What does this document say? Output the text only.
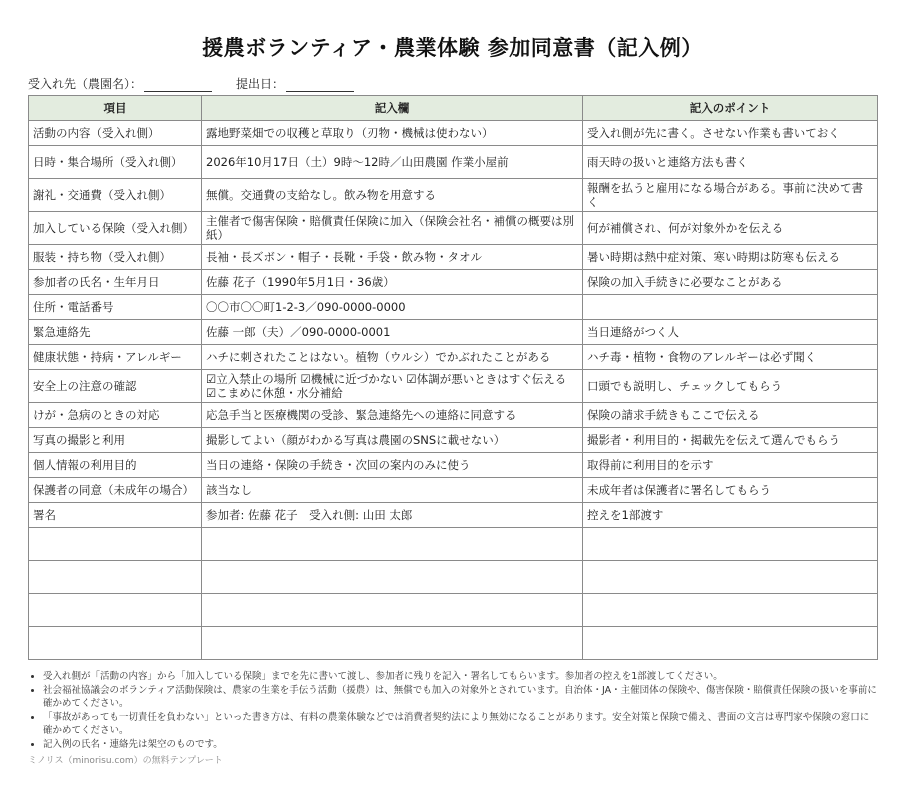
援農ボランティア・農業体験 参加同意書（記入例）
受入れ先（農園名）：	提出日：
項目	記入欄	記入のポイント
活動の内容（受入れ側）	露地野菜畑での収穫と草取り（刃物・機械は使わない）	受入れ側が先に書く。させない作業も書いておく
日時・集合場所（受入れ側）	2026年10月17日（土）9時〜12時／山田農園 作業小屋前	雨天時の扱いと連絡方法も書く
謝礼・交通費（受入れ側）	無償。交通費の支給なし。飲み物を用意する	報酬を払うと雇用になる場合がある。事前に決めて書く
加入している保険（受入れ側）	主催者で傷害保険・賠償責任保険に加入（保険会社名・補償の概要は別紙）	何が補償され、何が対象外かを伝える
服装・持ち物（受入れ側）	長袖・長ズボン・帽子・長靴・手袋・飲み物・タオル	暑い時期は熱中症対策、寒い時期は防寒も伝える
参加者の氏名・生年月日	佐藤 花子（1990年5月1日・36歳）	保険の加入手続きに必要なことがある
住所・電話番号	〇〇市〇〇町1-2-3／090-0000-0000	
緊急連絡先	佐藤 一郎（夫）／090-0000-0001	当日連絡がつく人
健康状態・持病・アレルギー	ハチに刺されたことはない。植物（ウルシ）でかぶれたことがある	ハチ毒・植物・食物のアレルギーは必ず聞く
安全上の注意の確認	☑立入禁止の場所 ☑機械に近づかない ☑体調が悪いときはすぐ伝える ☑こまめに休憩・水分補給	口頭でも説明し、チェックしてもらう
けが・急病のときの対応	応急手当と医療機関の受診、緊急連絡先への連絡に同意する	保険の請求手続きもここで伝える
写真の撮影と利用	撮影してよい（顔がわかる写真は農園のSNSに載せない）	撮影者・利用目的・掲載先を伝えて選んでもらう
個人情報の利用目的	当日の連絡・保険の手続き・次回の案内のみに使う	取得前に利用目的を示す
保護者の同意（未成年の場合）	該当なし	未成年者は保護者に署名してもらう
署名	参加者: 佐藤 花子　受入れ側: 山田 太郎	控えを1部渡す

• 受入れ側が「活動の内容」から「加入している保険」までを先に書いて渡し、参加者に残りを記入・署名してもらいます。参加者の控えを1部渡してください。
• 社会福祉協議会のボランティア活動保険は、農家の生業を手伝う活動（援農）は、無償でも加入の対象外とされています。自治体・JA・主催団体の保険や、傷害保険・賠償責任保険の扱いを事前に確かめてください。
• 「事故があっても一切責任を負わない」といった書き方は、有料の農業体験などでは消費者契約法により無効になることがあります。安全対策と保険で備え、書面の文言は専門家や保険の窓口に確かめてください。
• 記入例の氏名・連絡先は架空のものです。
ミノリス（minorisu.com）の無料テンプレート
